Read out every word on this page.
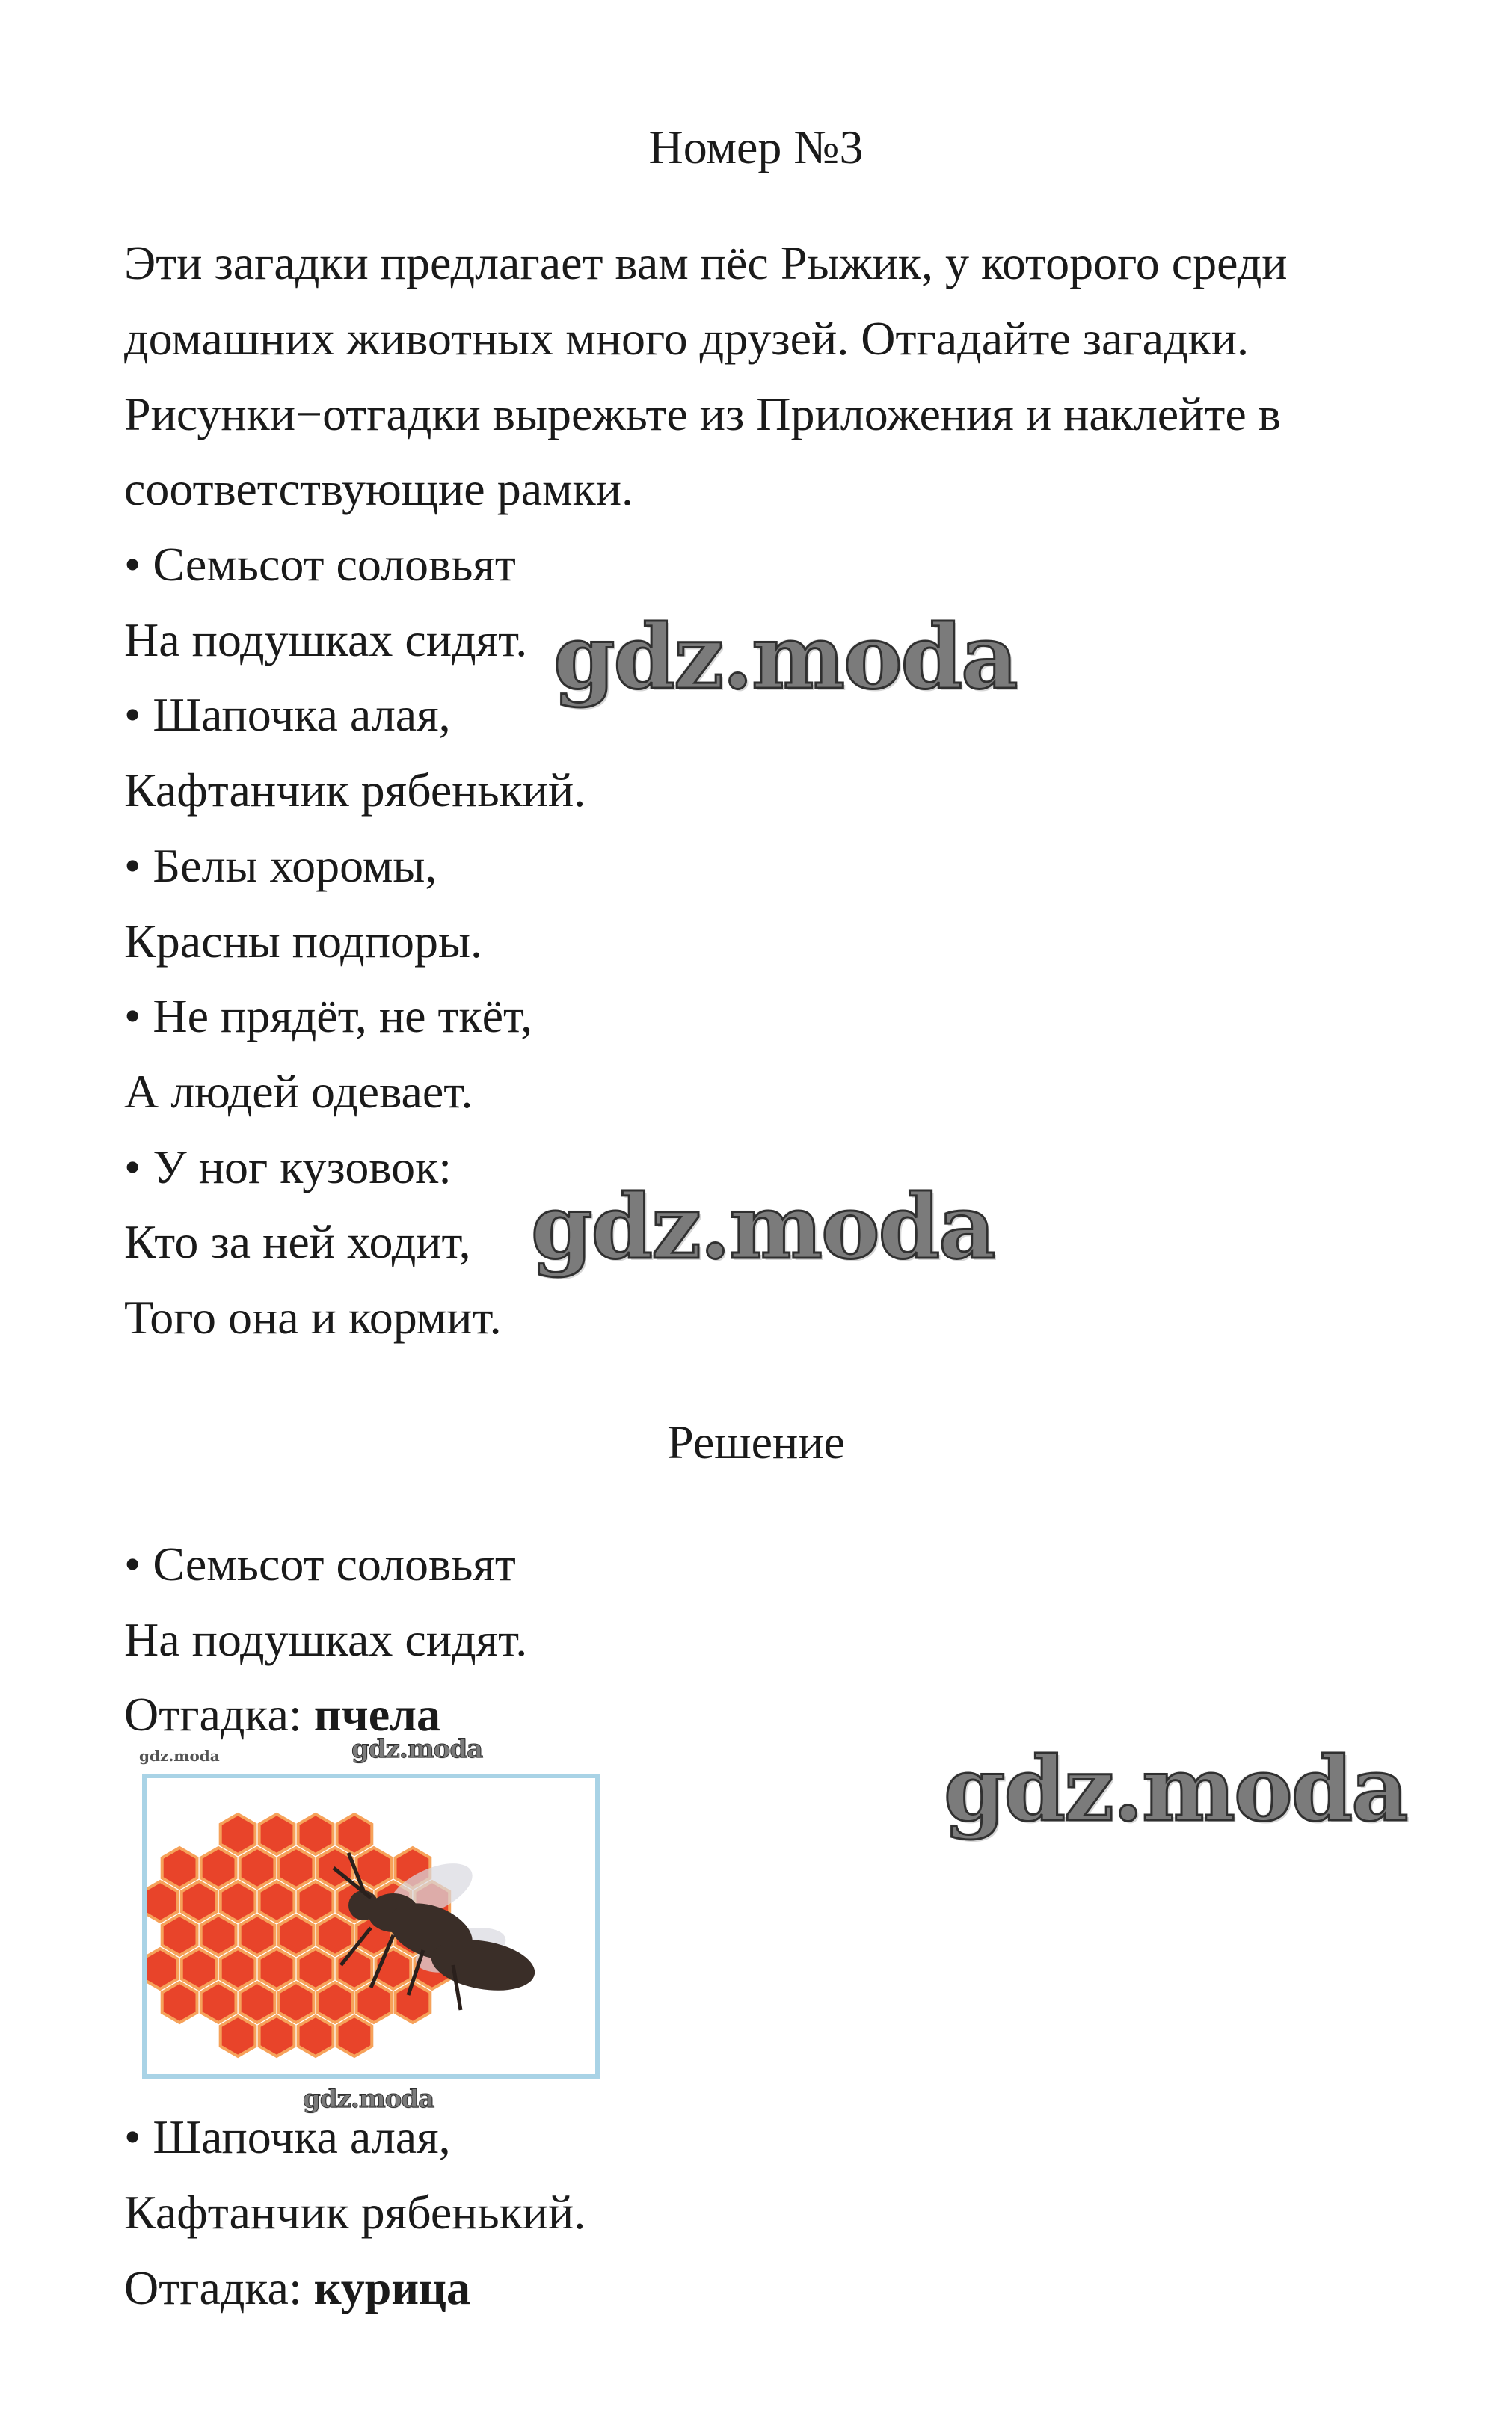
Номер №3
Эти загадки предлагает вам пёс Рыжик, у которого среди
домашних животных много друзей. Отгадайте загадки.
Рисунки−отгадки вырежьте из Приложения и наклейте в
соответствующие рамки.
• Семьсот соловьят
На подушках сидят.
• Шапочка алая,
Кафтанчик рябенький.
• Белы хоромы,
Красны подпоры.
• Не прядёт, не ткёт,
А людей одевает.
• У ног кузовок:
Кто за ней ходит,
Того она и кормит.
Решение
• Семьсот соловьят
На подушках сидят.
Отгадка: пчела
• Шапочка алая,
Кафтанчик рябенький.
Отгадка: курица
gdz.moda
gdz.moda
gdz.moda
gdz.moda
gdz.moda
gdz.moda
